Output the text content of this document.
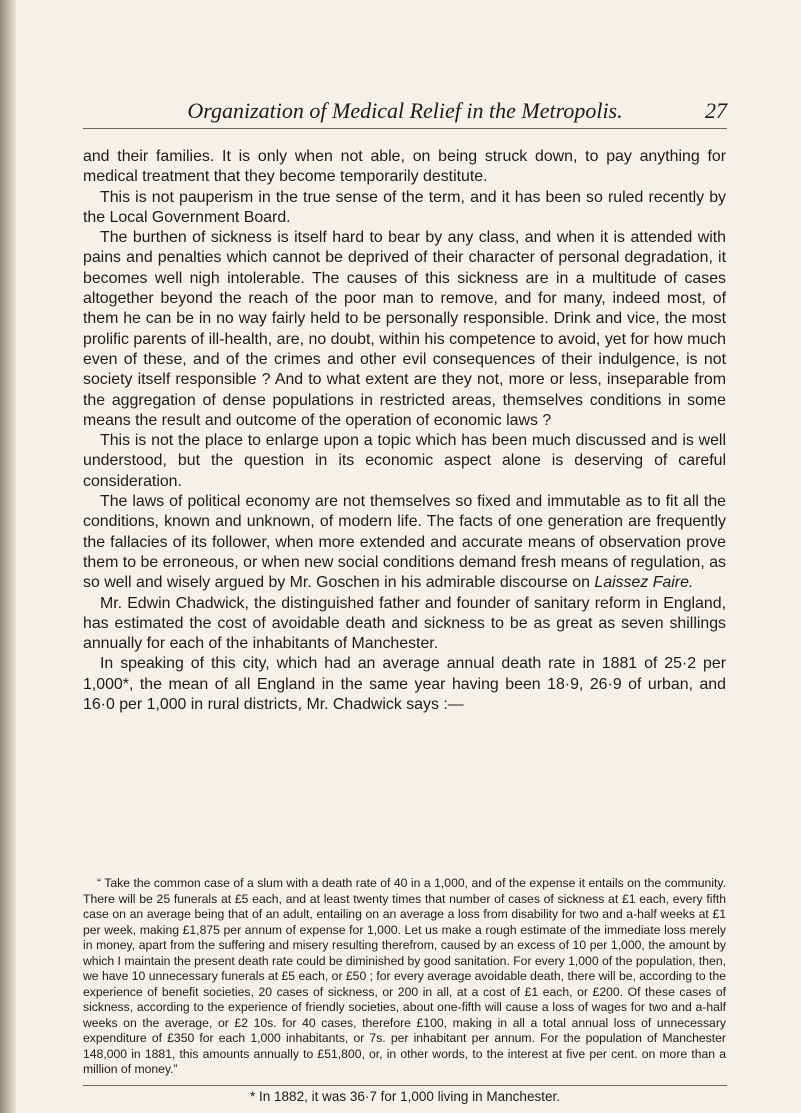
Organization of Medical Relief in the Metropolis.	27

and their families. It is only when not able, on being struck down, to pay anything for medical treatment that they become temporarily destitute.

This is not pauperism in the true sense of the term, and it has been so ruled recently by the Local Government Board.

The burthen of sickness is itself hard to bear by any class, and when it is attended with pains and penalties which cannot be deprived of their character of personal degradation, it becomes well nigh intolerable. The causes of this sickness are in a multitude of cases altogether beyond the reach of the poor man to remove, and for many, indeed most, of them he can be in no way fairly held to be personally responsible. Drink and vice, the most prolific parents of ill-health, are, no doubt, within his competence to avoid, yet for how much even of these, and of the crimes and other evil consequences of their indulgence, is not society itself responsible ? And to what extent are they not, more or less, inseparable from the aggregation of dense populations in restricted areas, themselves conditions in some means the result and outcome of the operation of economic laws ?

This is not the place to enlarge upon a topic which has been much discussed and is well understood, but the question in its economic aspect alone is deserving of careful consideration.

The laws of political economy are not themselves so fixed and immutable as to fit all the conditions, known and unknown, of modern life. The facts of one generation are frequently the fallacies of its follower, when more extended and accurate means of observation prove them to be erroneous, or when new social conditions demand fresh means of regulation, as so well and wisely argued by Mr. Goschen in his admirable discourse on Laissez Faire.

Mr. Edwin Chadwick, the distinguished father and founder of sanitary reform in England, has estimated the cost of avoidable death and sickness to be as great as seven shillings annually for each of the inhabitants of Manchester.

In speaking of this city, which had an average annual death rate in 1881 of 25·2 per 1,000*, the mean of all England in the same year having been 18·9, 26·9 of urban, and 16·0 per 1,000 in rural districts, Mr. Chadwick says :—

“ Take the common case of a slum with a death rate of 40 in a 1,000, and of the expense it entails on the community. There will be 25 funerals at £5 each, and at least twenty times that number of cases of sickness at £1 each, every fifth case on an average being that of an adult, entailing on an average a loss from disability for two and a-half weeks at £1 per week, making £1,875 per annum of expense for 1,000. Let us make a rough estimate of the immediate loss merely in money, apart from the suffering and misery resulting therefrom, caused by an excess of 10 per 1,000, the amount by which I maintain the present death rate could be diminished by good sanitation. For every 1,000 of the population, then, we have 10 unnecessary funerals at £5 each, or £50 ; for every average avoidable death, there will be, according to the experience of benefit societies, 20 cases of sickness, or 200 in all, at a cost of £1 each, or £200. Of these cases of sickness, according to the experience of friendly societies, about one-fifth will cause a loss of wages for two and a-half weeks on the average, or £2 10s. for 40 cases, therefore £100, making in all a total annual loss of unnecessary expenditure of £350 for each 1,000 inhabitants, or 7s. per inhabitant per annum. For the population of Manchester 148,000 in 1881, this amounts annually to £51,800, or, in other words, to the interest at five per cent. on more than a million of money.”

* In 1882, it was 36·7 for 1,000 living in Manchester.
